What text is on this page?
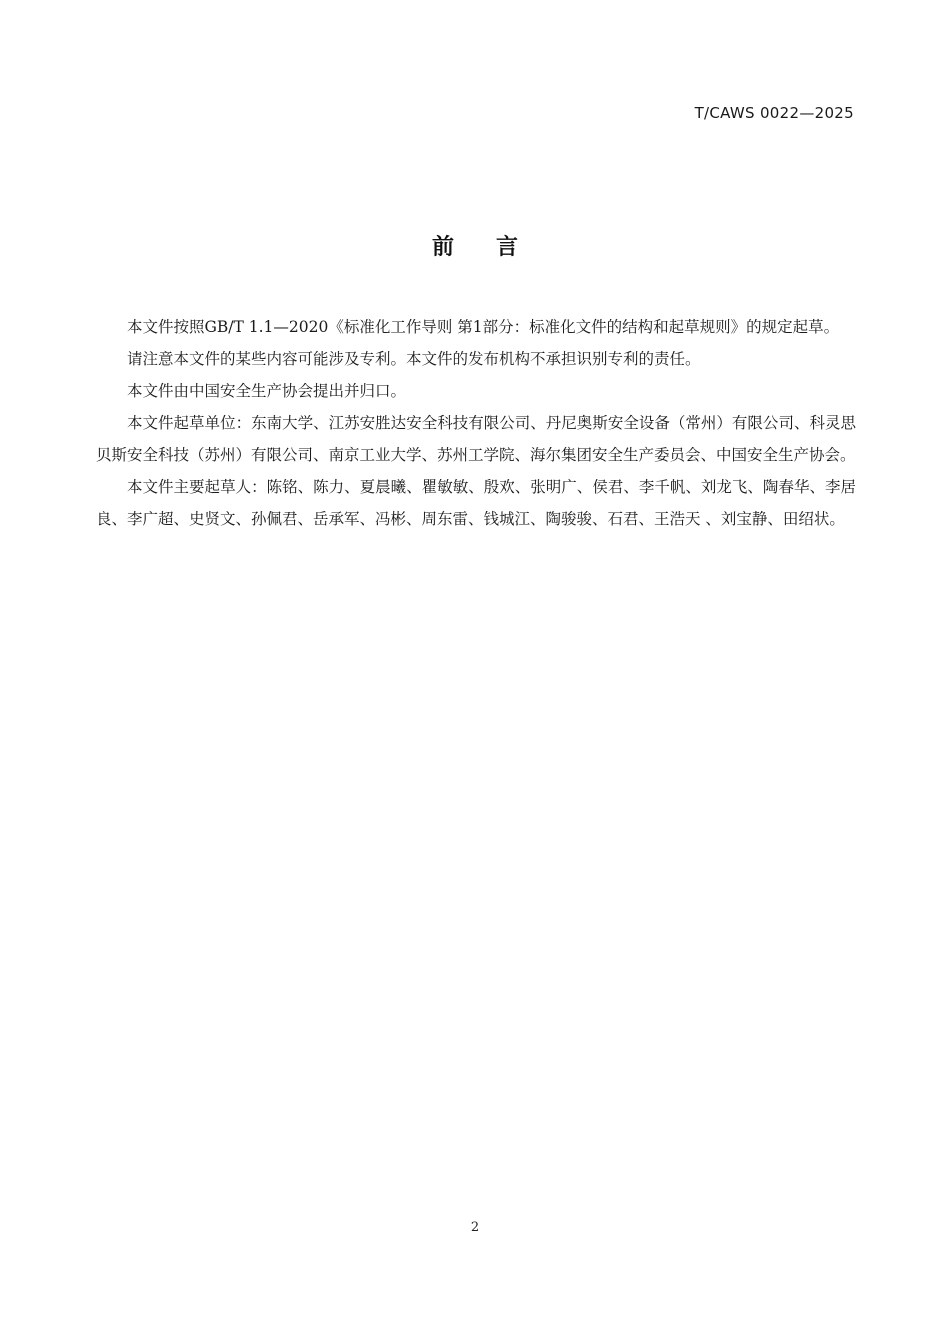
T/CAWS 0022—2025
前言

本文件按照GB/T 1.1—2020《标准化工作导则 第1部分：标准化文件的结构和起草规则》的规定起草。

请注意本文件的某些内容可能涉及专利。本文件的发布机构不承担识别专利的责任。

本文件由中国安全生产协会提出并归口。

本文件起草单位：东南大学、江苏安胜达安全科技有限公司、丹尼奥斯安全设备（常州）有限公司、科灵思贝斯安全科技（苏州）有限公司、南京工业大学、苏州工学院、海尔集团安全生产委员会、中国安全生产协会。

本文件主要起草人：陈铭、陈力、夏晨曦、瞿敏敏、殷欢、张明广、侯君、李千帆、刘龙飞、陶春华、李居良、李广超、史贤文、孙佩君、岳承军、冯彬、周东雷、钱城江、陶骏骏、石君、王浩天 、刘宝静、田绍状。

2
